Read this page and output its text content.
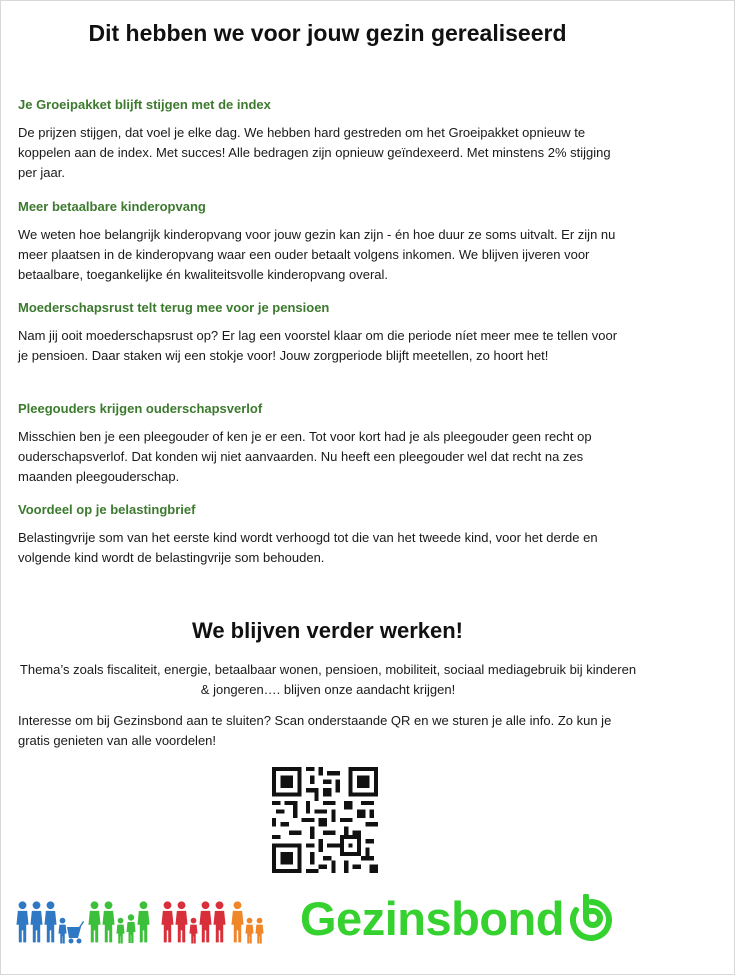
Dit hebben we voor jouw gezin gerealiseerd

Je Groeipakket blijft stijgen met de index

De prijzen stijgen, dat voel je elke dag. We hebben hard gestreden om het Groeipakket opnieuw te koppelen aan de index. Met succes! Alle bedragen zijn opnieuw geïndexeerd. Met minstens 2% stijging per jaar.

Meer betaalbare kinderopvang

We weten hoe belangrijk kinderopvang voor jouw gezin kan zijn - én hoe duur ze soms uitvalt. Er zijn nu meer plaatsen in de kinderopvang waar een ouder betaalt volgens inkomen. We blijven ijveren voor betaalbare, toegankelijke én kwaliteitsvolle kinderopvang overal.

Moederschapsrust telt terug mee voor je pensioen

Nam jij ooit moederschapsrust op? Er lag een voorstel klaar om die periode níet meer mee te tellen voor je pensioen. Daar staken wij een stokje voor! Jouw zorgperiode blijft meetellen, zo hoort het!

Pleegouders krijgen ouderschapsverlof

Misschien ben je een pleegouder of ken je er een. Tot voor kort had je als pleegouder geen recht op ouderschapsverlof. Dat konden wij niet aanvaarden. Nu heeft een pleegouder wel dat recht na zes maanden pleegouderschap.

Voordeel op je belastingbrief

Belastingvrije som van het eerste kind wordt verhoogd tot die van het tweede kind, voor het derde en volgende kind wordt de belastingvrije som behouden.

We blijven verder werken!

Thema’s zoals fiscaliteit, energie, betaalbaar wonen, pensioen, mobiliteit, sociaal mediagebruik bij kinderen & jongeren…. blijven onze aandacht krijgen!

Interesse om bij Gezinsbond aan te sluiten? Scan onderstaande QR en we sturen je alle info. Zo kun je gratis genieten van alle voordelen!

Gezinsbond
